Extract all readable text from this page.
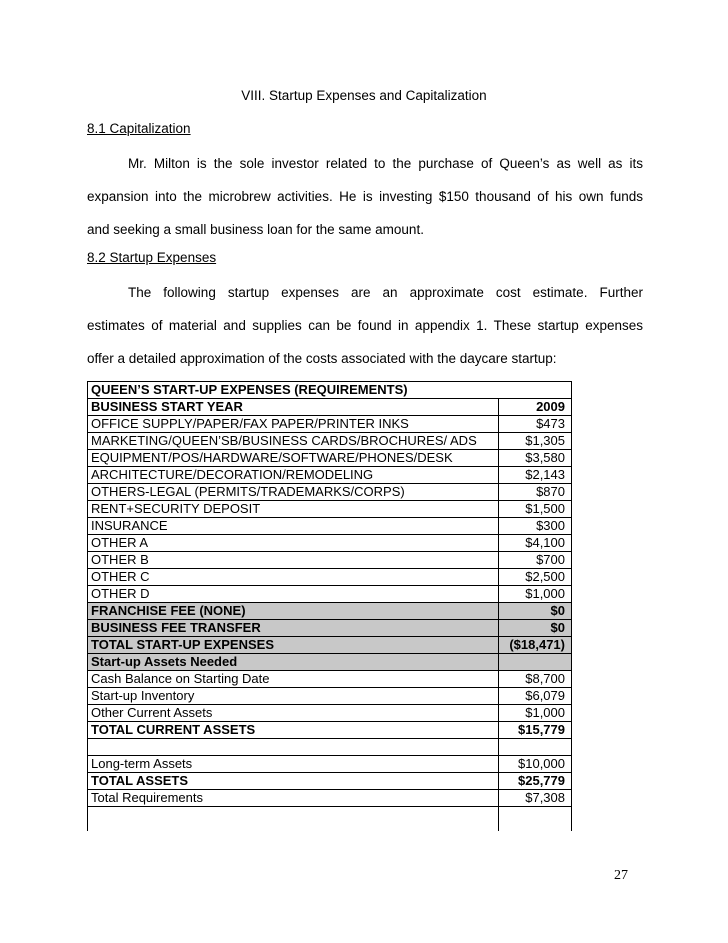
VIII. Startup Expenses and Capitalization
8.1 Capitalization
Mr. Milton is the sole investor related to the purchase of Queen’s as well as its
expansion into the microbrew activities. He is investing $150 thousand of his own funds
and seeking a small business loan for the same amount.
8.2 Startup Expenses
The following startup expenses are an approximate cost estimate. Further
estimates of material and supplies can be found in appendix 1. These startup expenses
offer a detailed approximation of the costs associated with the daycare startup:
QUEEN’S START-UP EXPENSES (REQUIREMENTS)
BUSINESS START YEAR	2009
OFFICE SUPPLY/PAPER/FAX PAPER/PRINTER INKS	$473
MARKETING/QUEEN’SB/BUSINESS CARDS/BROCHURES/ ADS	$1,305
EQUIPMENT/POS/HARDWARE/SOFTWARE/PHONES/DESK	$3,580
ARCHITECTURE/DECORATION/REMODELING	$2,143
OTHERS-LEGAL (PERMITS/TRADEMARKS/CORPS)	$870
RENT+SECURITY DEPOSIT	$1,500
INSURANCE	$300
OTHER A	$4,100
OTHER B	$700
OTHER C	$2,500
OTHER D	$1,000
FRANCHISE FEE (NONE)	$0
BUSINESS FEE TRANSFER	$0
TOTAL START-UP EXPENSES	($18,471)
Start-up Assets Needed
Cash Balance on Starting Date	$8,700
Start-up Inventory	$6,079
Other Current Assets	$1,000
TOTAL CURRENT ASSETS	$15,779
Long-term Assets	$10,000
TOTAL ASSETS	$25,779
Total Requirements	$7,308
27
